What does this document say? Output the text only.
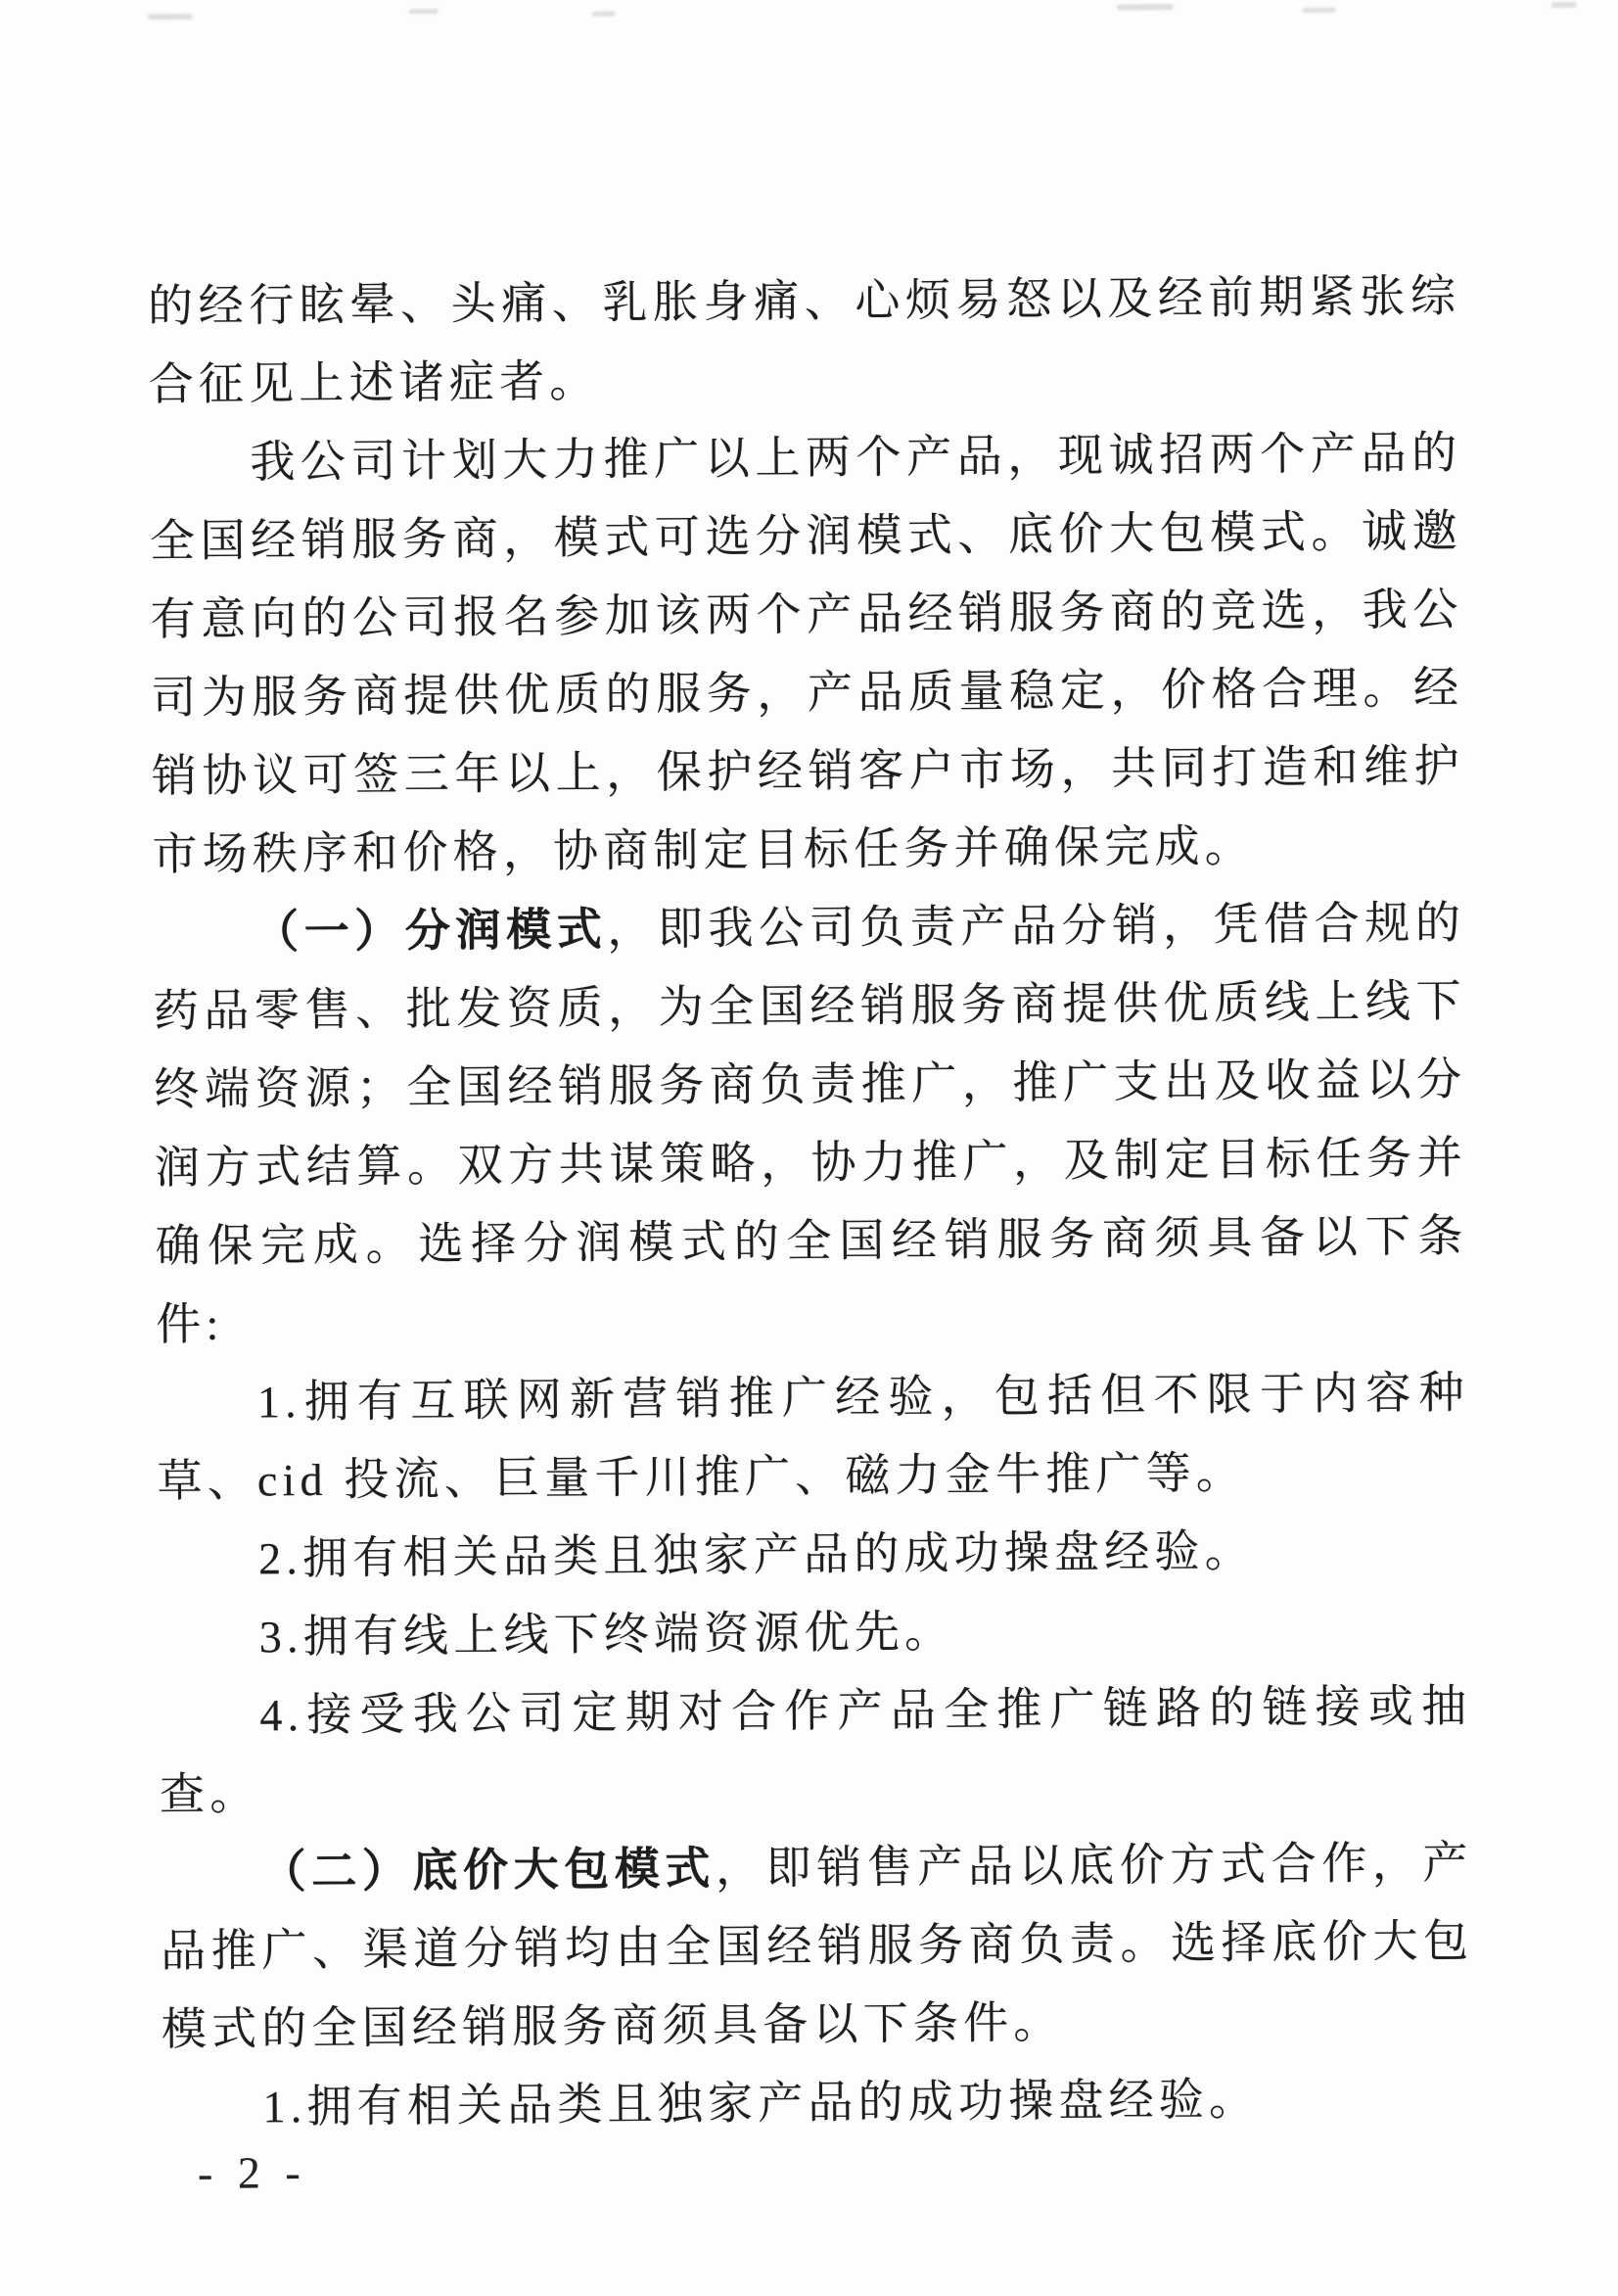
的经行眩晕、头痛、乳胀身痛、心烦易怒以及经前期紧张综合征见上述诸症者。

我公司计划大力推广以上两个产品，现诚招两个产品的全国经销服务商，模式可选分润模式、底价大包模式。诚邀有意向的公司报名参加该两个产品经销服务商的竞选，我公司为服务商提供优质的服务，产品质量稳定，价格合理。经销协议可签三年以上，保护经销客户市场，共同打造和维护市场秩序和价格，协商制定目标任务并确保完成。

（一）分润模式，即我公司负责产品分销，凭借合规的药品零售、批发资质，为全国经销服务商提供优质线上线下终端资源；全国经销服务商负责推广，推广支出及收益以分润方式结算。双方共谋策略，协力推广，及制定目标任务并确保完成。选择分润模式的全国经销服务商须具备以下条件:

1.拥有互联网新营销推广经验，包括但不限于内容种草、cid 投流、巨量千川推广、磁力金牛推广等。

2.拥有相关品类且独家产品的成功操盘经验。

3.拥有线上线下终端资源优先。

4.接受我公司定期对合作产品全推广链路的链接或抽查。

（二）底价大包模式，即销售产品以底价方式合作，产品推广、渠道分销均由全国经销服务商负责。选择底价大包模式的全国经销服务商须具备以下条件。

1.拥有相关品类且独家产品的成功操盘经验。

- 2 -
